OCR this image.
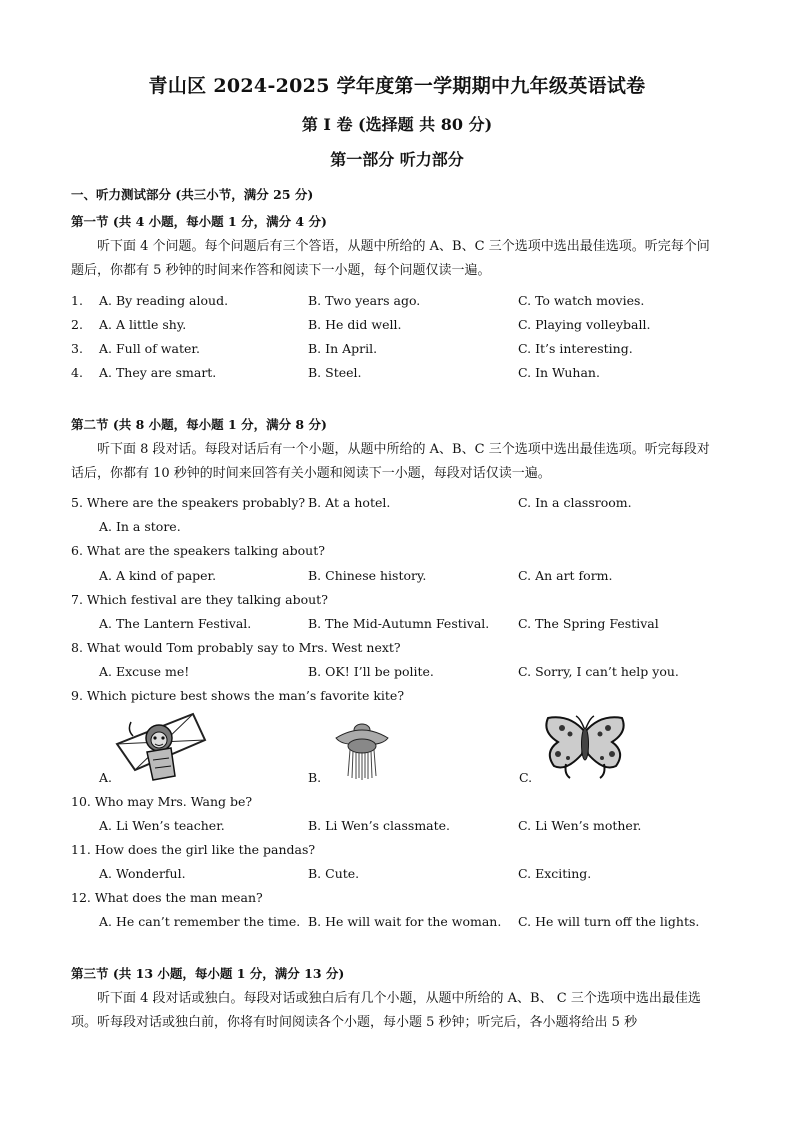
青山区 2024-2025 学年度第一学期期中九年级英语试卷
第 I 卷 (选择题 共 80 分)
第一部分 听力部分
一、听力测试部分 (共三小节，满分 25 分)
第一节 (共 4 小题，每小题 1 分，满分 4 分)
听下面 4 个问题。每个问题后有三个答语，从题中所给的 A、B、C 三个选项中选出最佳选项。听完每个问题后，你都有 5 秒钟的时间来作答和阅读下一小题，每个问题仅读一遍。
1. A. By reading aloud.	B. Two years ago.	C. To watch movies.
2. A. A little shy.	B. He did well.	C. Playing volleyball.
3. A. Full of water.	B. In April.	C. It’s interesting.
4. A. They are smart.	B. Steel.	C. In Wuhan.
第二节 (共 8 小题，每小题 1 分，满分 8 分)
听下面 8 段对话。每段对话后有一个小题，从题中所给的 A、B、C 三个选项中选出最佳选项。听完每段对话后，你都有 10 秒钟的时间来回答有关小题和阅读下一小题，每段对话仅读一遍。
5. Where are the speakers probably? B. At a hotel.	C. In a classroom.
A. In a store.
6. What are the speakers talking about?
A. A kind of paper.	B. Chinese history.	C. An art form.
7. Which festival are they talking about?
A. The Lantern Festival.	B. The Mid-Autumn Festival. C. The Spring Festival
8. What would Tom probably say to Mrs. West next?
A. Excuse me!	B. OK! I’ll be polite.	C. Sorry, I can’t help you.
9. Which picture best shows the man’s favorite kite?
A.	B.	C.
10. Who may Mrs. Wang be?
A. Li Wen’s teacher.	B. Li Wen’s classmate.	C. Li Wen’s mother.
11. How does the girl like the pandas?
A. Wonderful.	B. Cute.	C. Exciting.
12. What does the man mean?
A. He can’t remember the time. B. He will wait for the woman. C. He will turn off the lights.
第三节 (共 13 小题，每小题 1 分，满分 13 分)
听下面 4 段对话或独白。每段对话或独白后有几个小题，从题中所给的 A、B、 C 三个选项中选出最佳选项。听每段对话或独白前，你将有时间阅读各个小题，每小题 5 秒钟；听完后，各小题将给出 5 秒
